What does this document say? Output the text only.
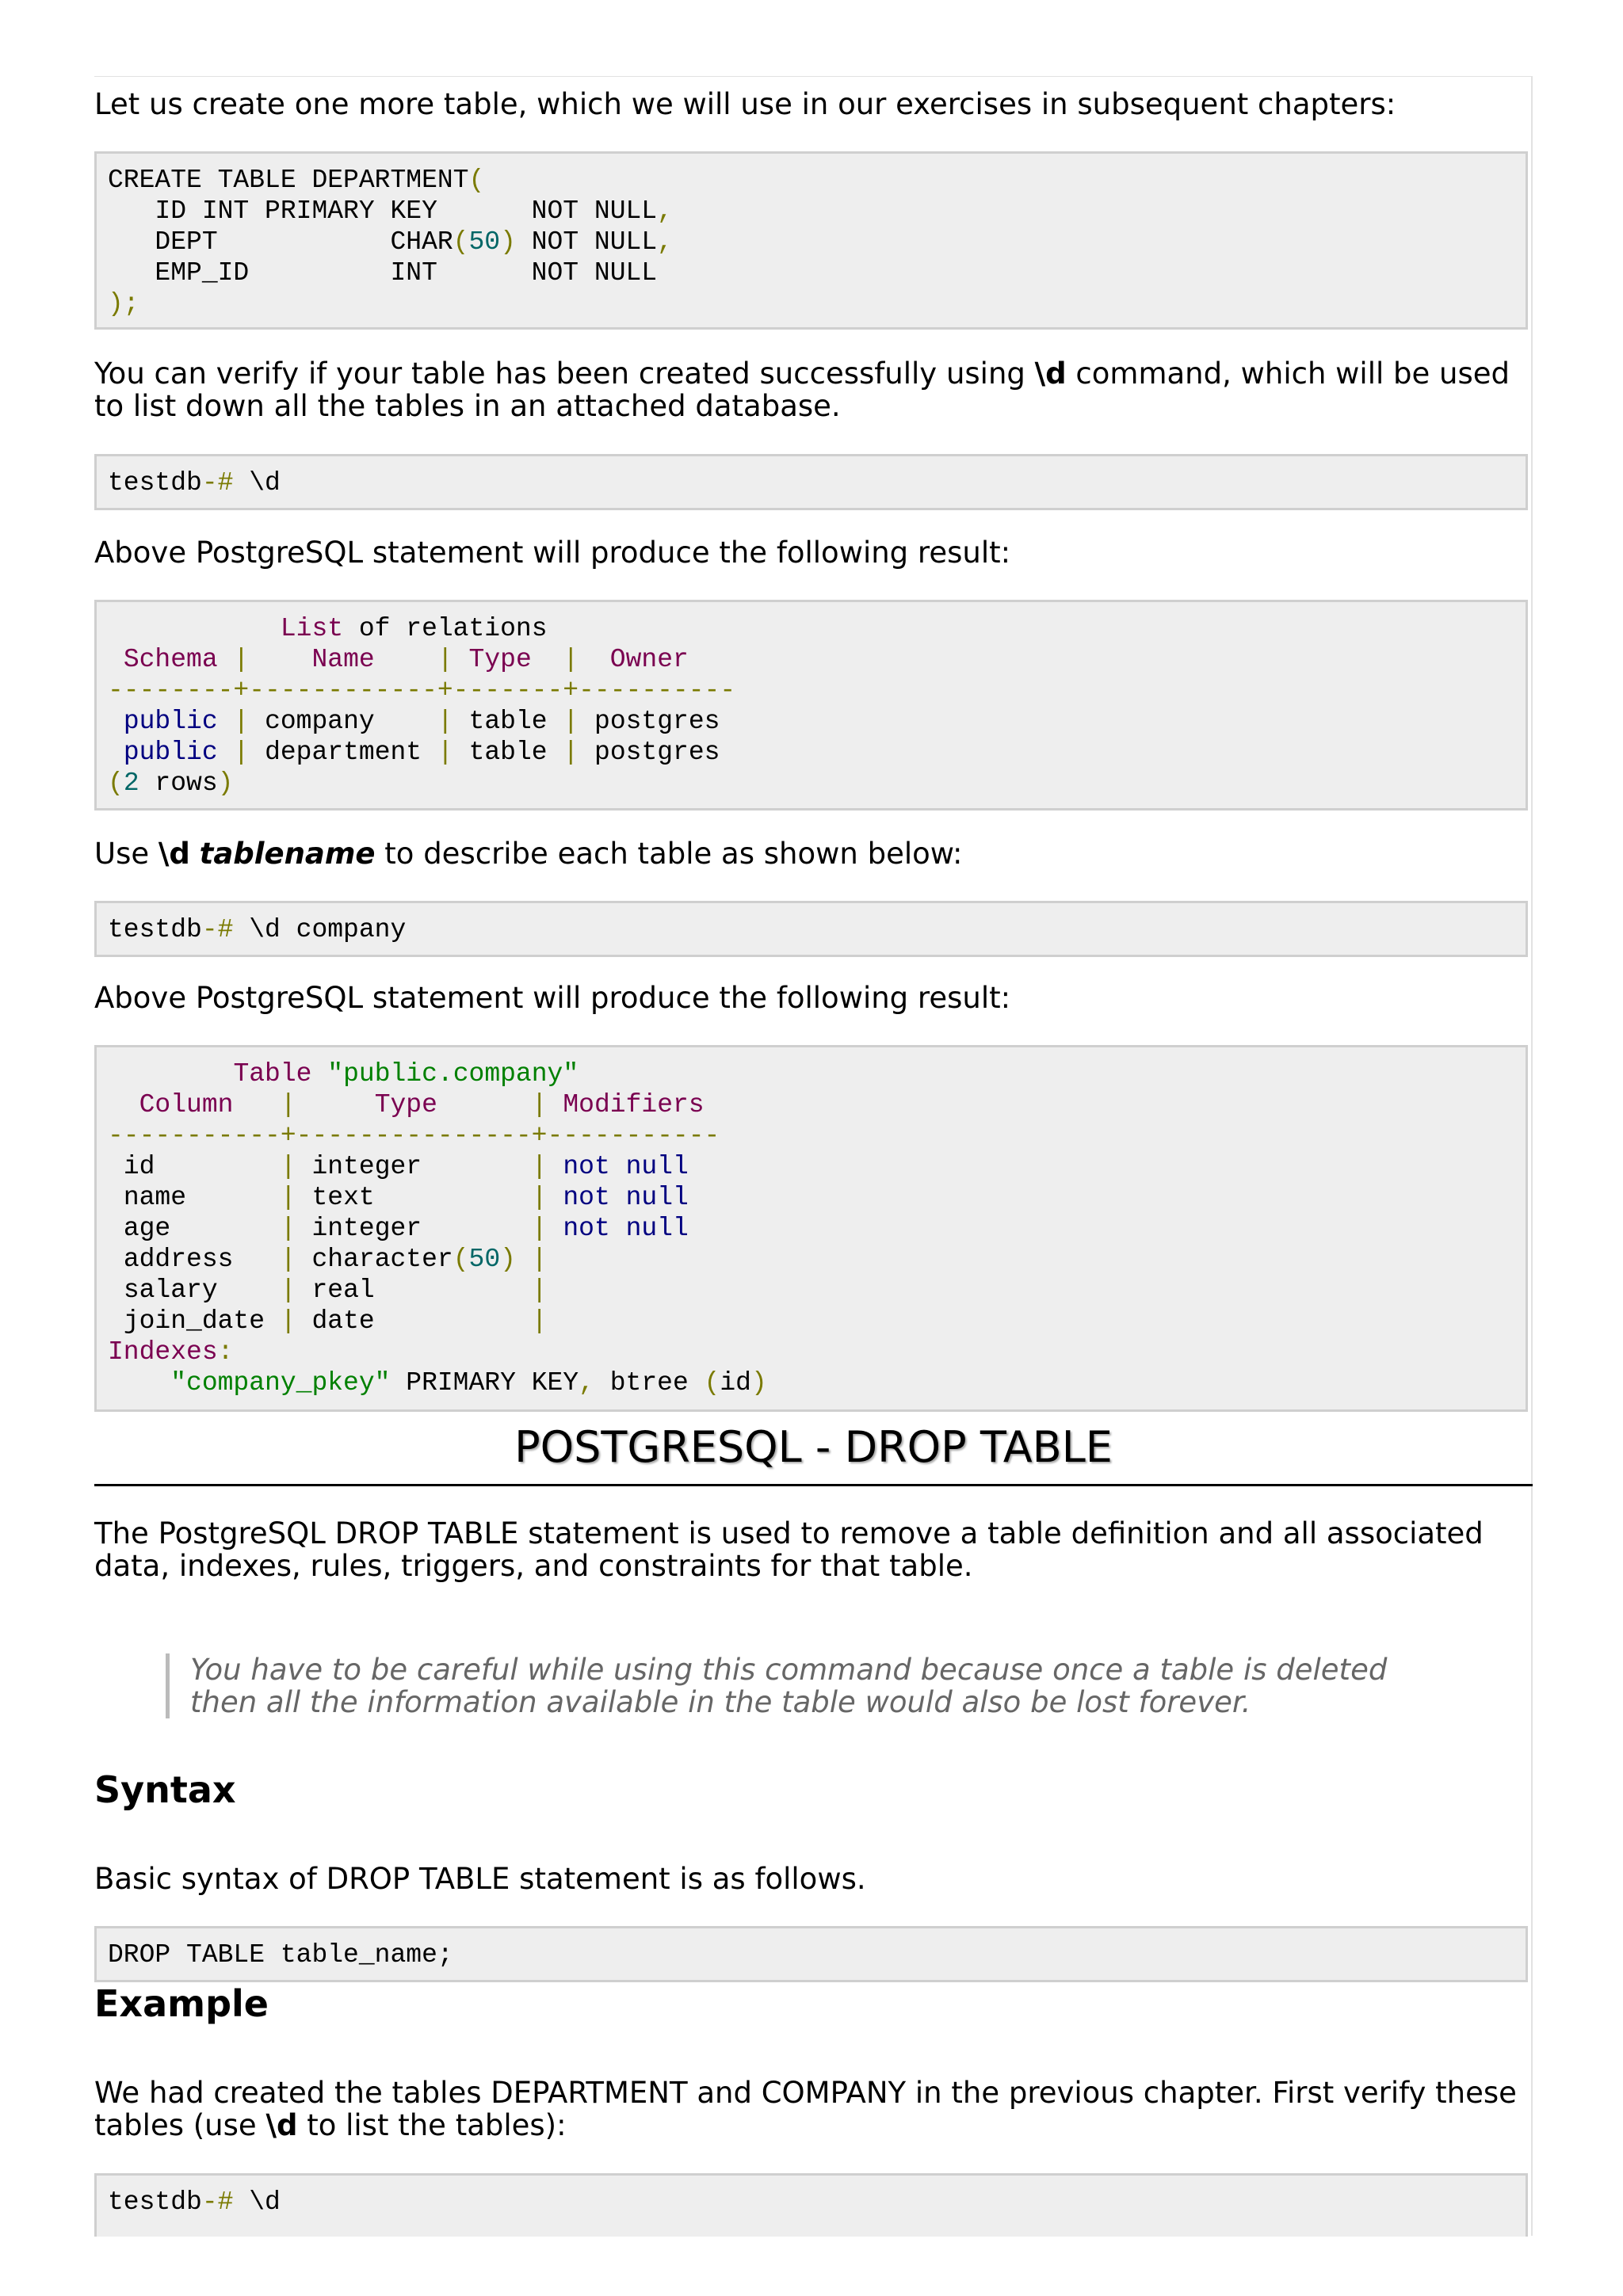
Let us create one more table, which we will use in our exercises in subsequent chapters:

CREATE TABLE DEPARTMENT(
ID INT PRIMARY KEY      NOT NULL,
DEPT           CHAR(50) NOT NULL,
EMP_ID         INT      NOT NULL
);

You can verify if your table has been created successfully using \d command, which will be used to list down all the tables in an attached database.

testdb-# \d

Above PostgreSQL statement will produce the following result:

List of relations
Schema | Name | Type | Owner
--------+------------+-------+----------
public | company | table | postgres
public | department | table | postgres
(2 rows)

Use \d tablename to describe each table as shown below:

testdb-# \d company

Above PostgreSQL statement will produce the following result:

Table "public.company"
Column |	Type	| Modifiers
-----------+---------------+-----------
id	| integer	| not null
name	| text	| not null
age	| integer	| not null
address | character(50) |
salary | real	|
join_date | date	|
Indexes:
"company_pkey" PRIMARY KEY, btree (id)
POSTGRESQL - DROP TABLE

The PostgreSQL DROP TABLE statement is used to remove a table definition and all associated data, indexes, rules, triggers, and constraints for that table.

You have to be careful while using this command because once a table is deleted then all the information available in the table would also be lost forever.

Syntax

Basic syntax of DROP TABLE statement is as follows.

DROP TABLE table_name;
Example

We had created the tables DEPARTMENT and COMPANY in the previous chapter. First verify these tables (use \d to list the tables):

testdb-# \d
